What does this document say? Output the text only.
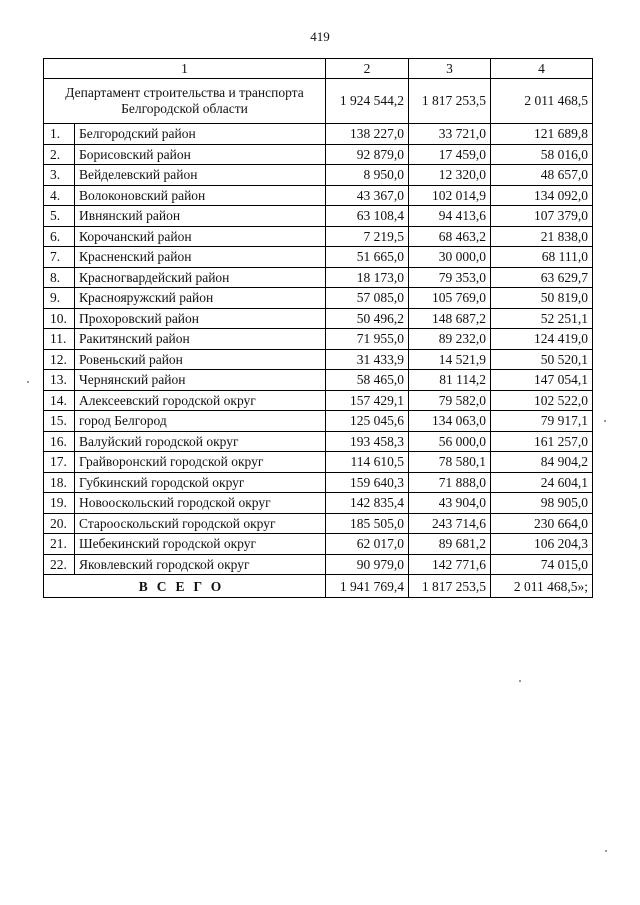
419
1		2	3	4
Департамент строительства и транспорта Белгородской области		1 924 544,2	1 817 253,5	2 011 468,5
1.	Белгородский район	138 227,0	33 721,0	121 689,8
2.	Борисовский район	92 879,0	17 459,0	58 016,0
3.	Вейделевский район	8 950,0	12 320,0	48 657,0
4.	Волоконовский район	43 367,0	102 014,9	134 092,0
5.	Ивнянский район	63 108,4	94 413,6	107 379,0
6.	Корочанский район	7 219,5	68 463,2	21 838,0
7.	Красненский район	51 665,0	30 000,0	68 111,0
8.	Красногвардейский район	18 173,0	79 353,0	63 629,7
9.	Краснояружский район	57 085,0	105 769,0	50 819,0
10.	Прохоровский район	50 496,2	148 687,2	52 251,1
11.	Ракитянский район	71 955,0	89 232,0	124 419,0
12.	Ровеньский район	31 433,9	14 521,9	50 520,1
13.	Чернянский район	58 465,0	81 114,2	147 054,1
14.	Алексеевский городской округ	157 429,1	79 582,0	102 522,0
15.	город Белгород	125 045,6	134 063,0	79 917,1
16.	Валуйский городской округ	193 458,3	56 000,0	161 257,0
17.	Грайворонский городской округ	114 610,5	78 580,1	84 904,2
18.	Губкинский городской округ	159 640,3	71 888,0	24 604,1
19.	Новооскольский городской округ	142 835,4	43 904,0	98 905,0
20.	Старооскольский городской округ	185 505,0	243 714,6	230 664,0
21.	Шебекинский городской округ	62 017,0	89 681,2	106 204,3
22.	Яковлевский городской округ	90 979,0	142 771,6	74 015,0
ВСЕГО		1 941 769,4	1 817 253,5	2 011 468,5»;
